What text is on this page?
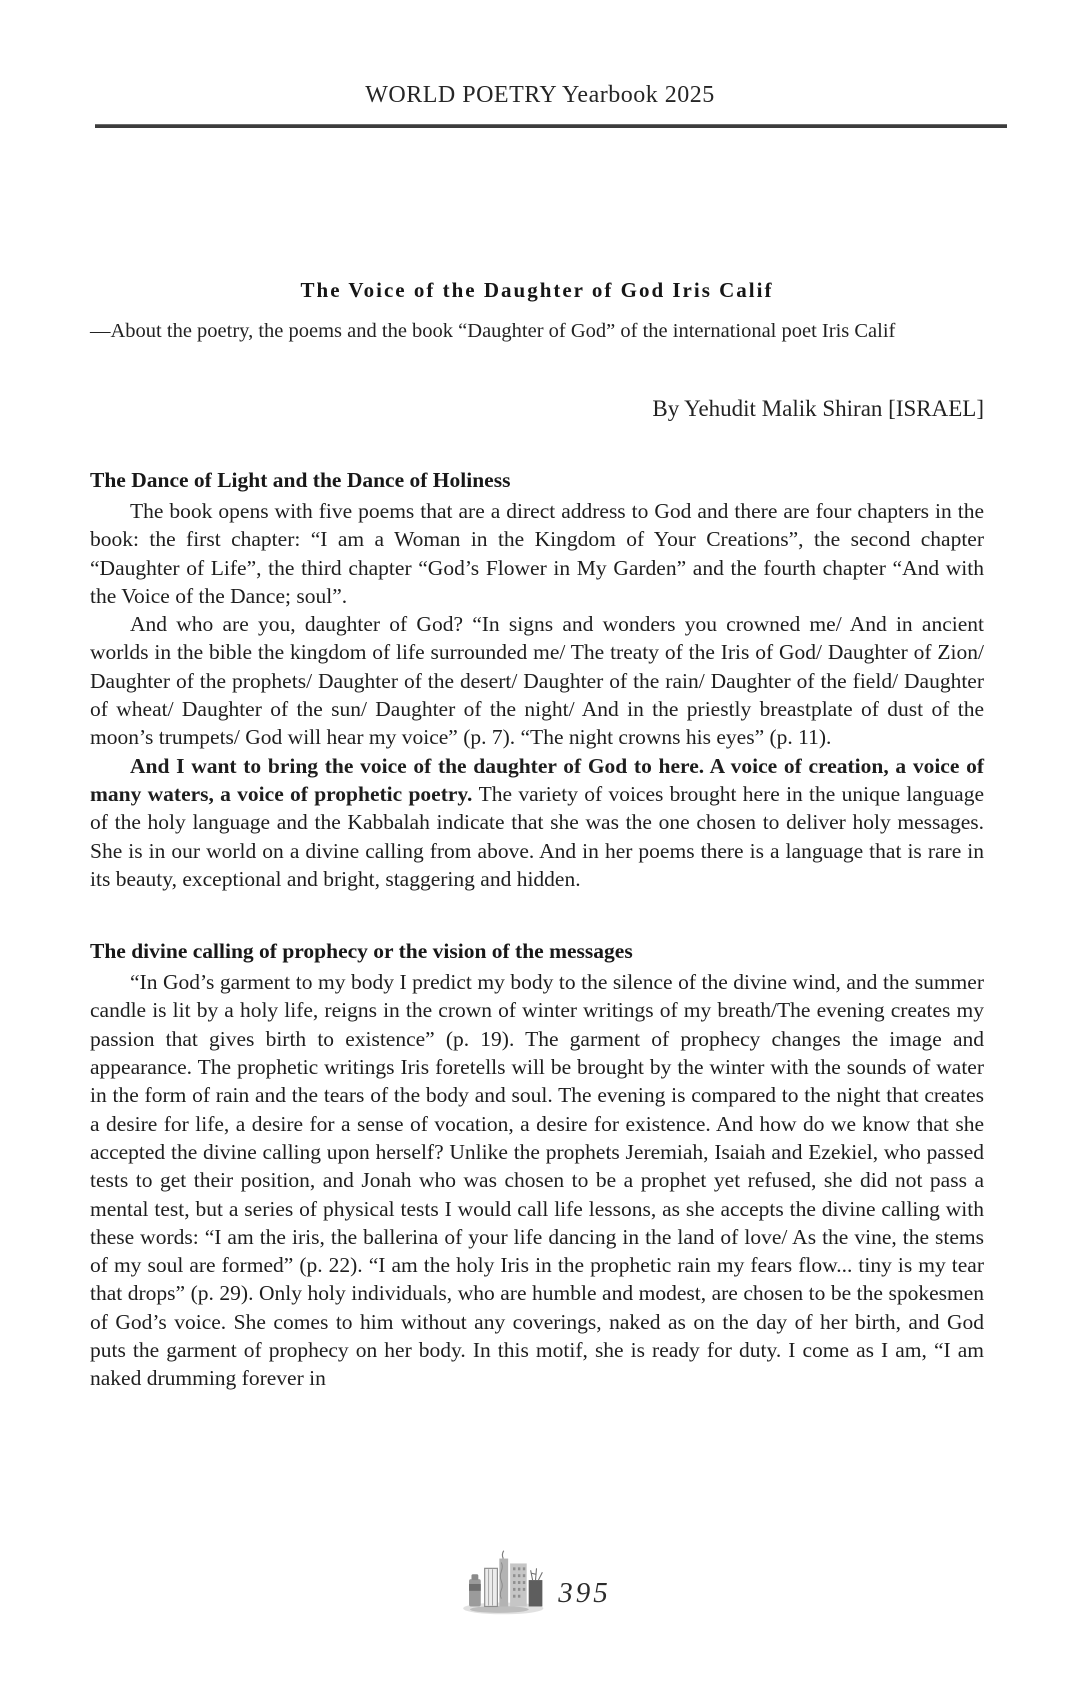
WORLD POETRY Yearbook 2025
The Voice of the Daughter of God Iris Calif

—About the poetry, the poems and the book “Daughter of God” of the international poet Iris Calif

By Yehudit Malik Shiran [ISRAEL]

The Dance of Light and the Dance of Holiness

The book opens with five poems that are a direct address to God and there are four chapters in the book: the first chapter: “I am a Woman in the Kingdom of Your Creations”, the second chapter “Daughter of Life”, the third chapter “God’s Flower in My Garden” and the fourth chapter “And with the Voice of the Dance; soul”.

And who are you, daughter of God? “In signs and wonders you crowned me/ And in ancient worlds in the bible the kingdom of life surrounded me/ The treaty of the Iris of God/ Daughter of Zion/ Daughter of the prophets/ Daughter of the desert/ Daughter of the rain/ Daughter of the field/ Daughter of wheat/ Daughter of the sun/ Daughter of the night/ And in the priestly breastplate of dust of the moon’s trumpets/ God will hear my voice” (p. 7). “The night crowns his eyes” (p. 11).

And I want to bring the voice of the daughter of God to here. A voice of creation, a voice of many waters, a voice of prophetic poetry. The variety of voices brought here in the unique language of the holy language and the Kabbalah indicate that she was the one chosen to deliver holy messages. She is in our world on a divine calling from above. And in her poems there is a language that is rare in its beauty, exceptional and bright, staggering and hidden.

The divine calling of prophecy or the vision of the messages

“In God’s garment to my body I predict my body to the silence of the divine wind, and the summer candle is lit by a holy life, reigns in the crown of winter writings of my breath/The evening creates my passion that gives birth to existence” (p. 19). The garment of prophecy changes the image and appearance. The prophetic writings Iris foretells will be brought by the winter with the sounds of water in the form of rain and the tears of the body and soul. The evening is compared to the night that creates a desire for life, a desire for a sense of vocation, a desire for existence. And how do we know that she accepted the divine calling upon herself? Unlike the prophets Jeremiah, Isaiah and Ezekiel, who passed tests to get their position, and Jonah who was chosen to be a prophet yet refused, she did not pass a mental test, but a series of physical tests I would call life lessons, as she accepts the divine calling with these words: “I am the iris, the ballerina of your life dancing in the land of love/ As the vine, the stems of my soul are formed” (p. 22). “I am the holy Iris in the prophetic rain my fears flow... tiny is my tear that drops” (p. 29). Only holy individuals, who are humble and modest, are chosen to be the spokesmen of God’s voice. She comes to him without any coverings, naked as on the day of her birth, and God puts the garment of prophecy on her body. In this motif, she is ready for duty. I come as I am, “I am naked drumming forever in

395
